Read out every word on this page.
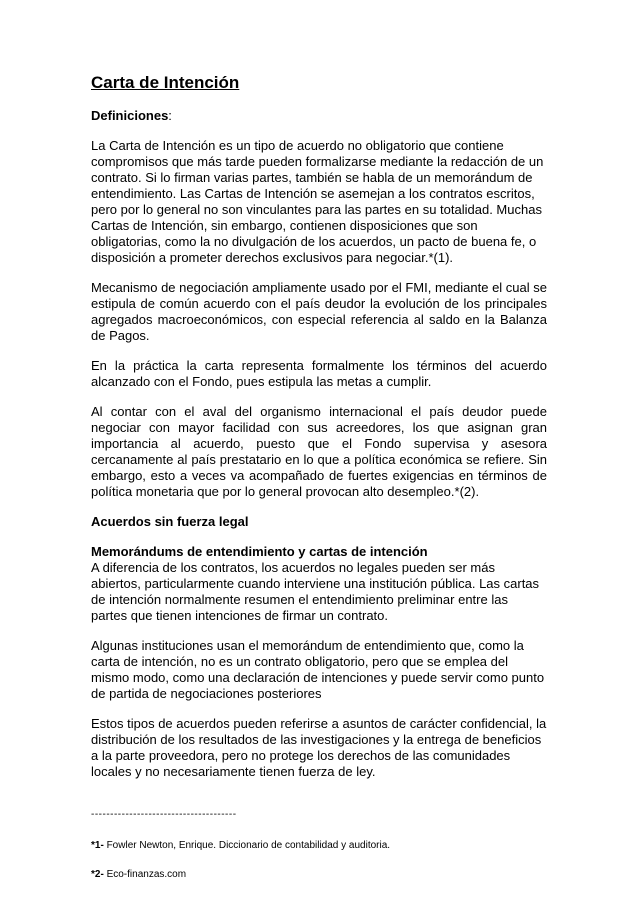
Carta de Intención
Definiciones:

La Carta de Intención es un tipo de acuerdo no obligatorio que contiene compromisos que más tarde pueden formalizarse mediante la redacción de un contrato. Si lo firman varias partes, también se habla de un memorándum de entendimiento. Las Cartas de Intención se asemejan a los contratos escritos, pero por lo general no son vinculantes para las partes en su totalidad. Muchas Cartas de Intención, sin embargo, contienen disposiciones que son obligatorias, como la no divulgación de los acuerdos, un pacto de buena fe, o disposición a prometer derechos exclusivos para negociar.*(1).

Mecanismo de negociación ampliamente usado por el FMI, mediante el cual se estipula de común acuerdo con el país deudor la evolución de los principales agregados macroeconómicos, con especial referencia al saldo en la Balanza de Pagos.

En la práctica la carta representa formalmente los términos del acuerdo alcanzado con el Fondo, pues estipula las metas a cumplir.

Al contar con el aval del organismo internacional el país deudor puede negociar con mayor facilidad con sus acreedores, los que asignan gran importancia al acuerdo, puesto que el Fondo supervisa y asesora cercanamente al país prestatario en lo que a política económica se refiere. Sin embargo, esto a veces va acompañado de fuertes exigencias en términos de política monetaria que por lo general provocan alto desempleo.*(2).

Acuerdos sin fuerza legal
Memorándums de entendimiento y cartas de intención

A diferencia de los contratos, los acuerdos no legales pueden ser más abiertos, particularmente cuando interviene una institución pública. Las cartas de intención normalmente resumen el entendimiento preliminar entre las partes que tienen intenciones de firmar un contrato.

Algunas instituciones usan el memorándum de entendimiento que, como la carta de intención, no es un contrato obligatorio, pero que se emplea del mismo modo, como una declaración de intenciones y puede servir como punto de partida de negociaciones posteriores

Estos tipos de acuerdos pueden referirse a asuntos de carácter confidencial, la distribución de los resultados de las investigaciones y la entrega de beneficios a la parte proveedora, pero no protege los derechos de las comunidades locales y no necesariamente tienen fuerza de ley.

--------------------------------------
*1- Fowler Newton, Enrique. Diccionario de contabilidad y auditoria.
*2- Eco-finanzas.com
